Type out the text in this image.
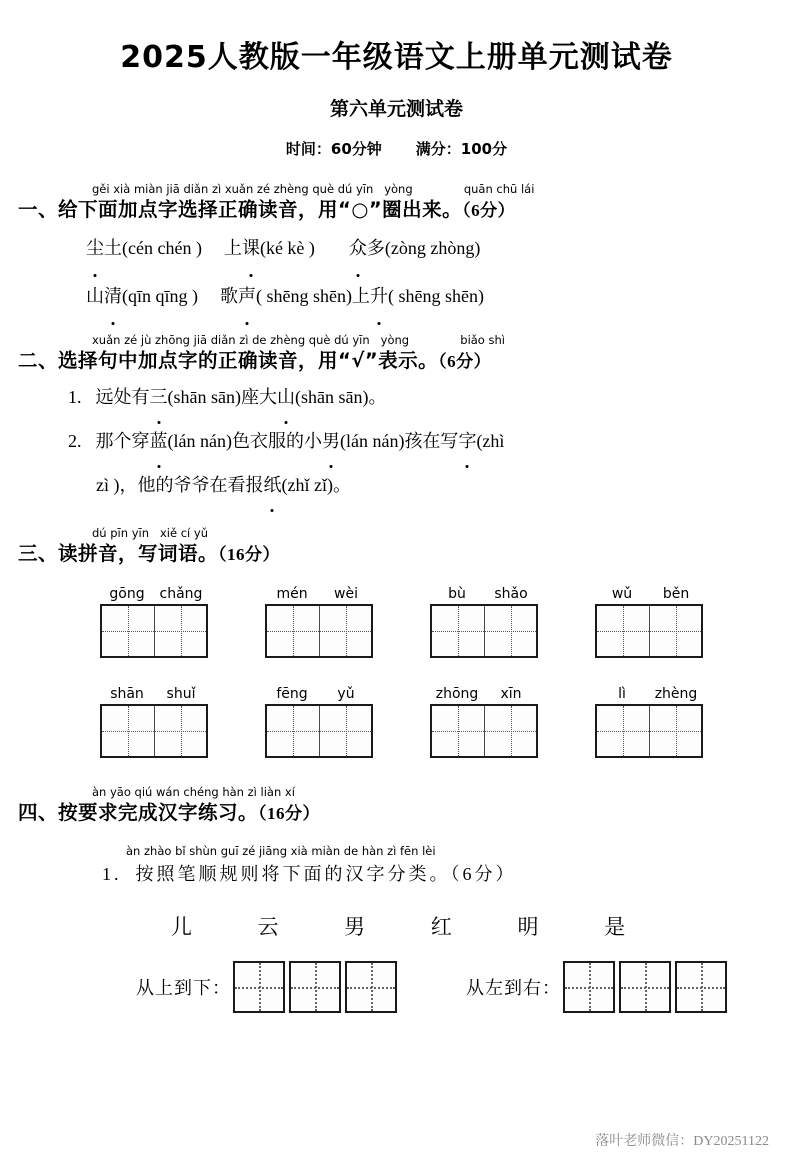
2025人教版一年级语文上册单元测试卷
第六单元测试卷
时间：60分钟 满分：100分
gěi xià miàn jiā diǎn zì xuǎn zé zhèng què dú yīn yòng	quān chū lái
一、给下面加点字选择正确读音，用“○”圈出来。（6分）
尘土(cén chén ) 上课(ké kè ) 众多(zòng zhòng)
山清(qīn qīng ) 歌声( shēng shēn)上升( shēng shēn)
xuǎn zé jù zhōng jiā diǎn zì de zhèng què dú yīn yòng	biǎo shì
二、选择句中加点字的正确读音，用“√”表示。（6分）
1. 远处有三(shān sān)座大山(shān sān)。
2. 那个穿蓝(lán nán)色衣服的小男(lán nán)孩在写字(zhì
zì )，他的爷爷在看报纸(zhǐ zǐ)。
dú pīn yīn xiě cí yǔ
三、读拼音，写词语。（16分）
gōng	chǎng	mén	wèi	bù	shǎo	wǔ	běn
shān	shuǐ	fēng	yǔ	zhōng	xīn	lì	zhèng
àn yāo qiú wán chéng hàn zì liàn xí
四、按要求完成汉字练习。（16分）
àn zhào bǐ shùn guī zé jiāng xià miàn de hàn zì fēn lèi
1. 按照笔顺规则将下面的汉字分类。（6分）
儿	云	男	红	明	是
从上到下：	从左到右：
落叶老师微信：DY20251122
